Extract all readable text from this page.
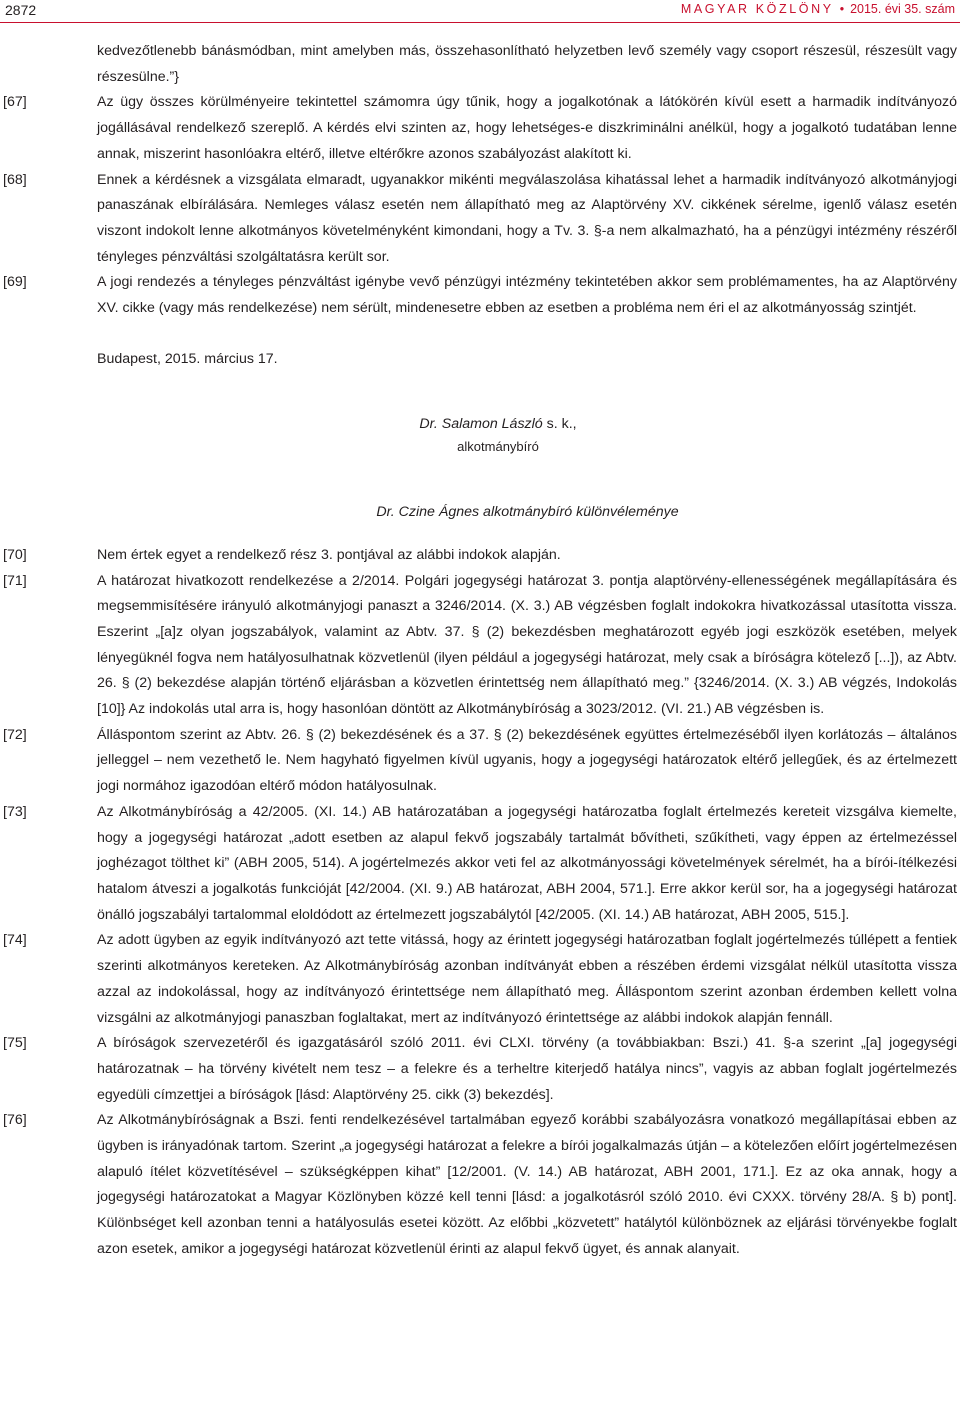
2872	MAGYAR KÖZLÖNY • 2015. évi 35. szám
kedvezőtlenebb bánásmódban, mint amelyben más, összehasonlítható helyzetben levő személy vagy csoport részesül, részesült vagy részesülne.”}
[67]	Az ügy összes körülményeire tekintettel számomra úgy tűnik, hogy a jogalkotónak a látókörén kívül esett a harmadik indítványozó jogállásával rendelkező szereplő. A kérdés elvi szinten az, hogy lehetséges-e diszkriminálni anélkül, hogy a jogalkotó tudatában lenne annak, miszerint hasonlóakra eltérő, illetve eltérőkre azonos szabályozást alakított ki.
[68]	Ennek a kérdésnek a vizsgálata elmaradt, ugyanakkor mikénti megválaszolása kihatással lehet a harmadik indítványozó alkotmányjogi panaszának elbírálására. Nemleges válasz esetén nem állapítható meg az Alaptörvény XV. cikkének sérelme, igenlő válasz esetén viszont indokolt lenne alkotmányos követelményként kimondani, hogy a Tv. 3. §-a nem alkalmazható, ha a pénzügyi intézmény részéről tényleges pénzváltási szolgáltatásra került sor.
[69]	A jogi rendezés a tényleges pénzváltást igénybe vevő pénzügyi intézmény tekintetében akkor sem problémamentes, ha az Alaptörvény XV. cikke (vagy más rendelkezése) nem sérült, mindenesetre ebben az esetben a probléma nem éri el az alkotmányosság szintjét.
Budapest, 2015. március 17.
Dr. Salamon László s. k.,
alkotmánybíró
Dr. Czine Ágnes alkotmánybíró különvéleménye
[70]	Nem értek egyet a rendelkező rész 3. pontjával az alábbi indokok alapján.
[71]	A határozat hivatkozott rendelkezése a 2/2014. Polgári jogegységi határozat 3. pontja alaptörvény-ellenességének megállapítására és megsemmisítésére irányuló alkotmányjogi panaszt a 3246/2014. (X. 3.) AB végzésben foglalt indokokra hivatkozással utasította vissza. Eszerint „[a]z olyan jogszabályok, valamint az Abtv. 37. § (2) bekezdésben meghatározott egyéb jogi eszközök esetében, melyek lényegüknél fogva nem hatályosulhatnak közvetlenül (ilyen például a jogegységi határozat, mely csak a bíróságra kötelező [...]), az Abtv. 26. § (2) bekezdése alapján történő eljárásban a közvetlen érintettség nem állapítható meg.” {3246/2014. (X. 3.) AB végzés, Indokolás [10]} Az indokolás utal arra is, hogy hasonlóan döntött az Alkotmánybíróság a 3023/2012. (VI. 21.) AB végzésben is.
[72]	Álláspontom szerint az Abtv. 26. § (2) bekezdésének és a 37. § (2) bekezdésének együttes értelmezéséből ilyen korlátozás – általános jelleggel – nem vezethető le. Nem hagyható figyelmen kívül ugyanis, hogy a jogegységi határozatok eltérő jellegűek, és az értelmezett jogi normához igazodóan eltérő módon hatályosulnak.
[73]	Az Alkotmánybíróság a 42/2005. (XI. 14.) AB határozatában a jogegységi határozatba foglalt értelmezés kereteit vizsgálva kiemelte, hogy a jogegységi határozat „adott esetben az alapul fekvő jogszabály tartalmát bővítheti, szűkítheti, vagy éppen az értelmezéssel joghézagot tölthet ki” (ABH 2005, 514). A jogértelmezés akkor veti fel az alkotmányossági követelmények sérelmét, ha a bírói-ítélkezési hatalom átveszi a jogalkotás funkcióját [42/2004. (XI. 9.) AB határozat, ABH 2004, 571.]. Erre akkor kerül sor, ha a jogegységi határozat önálló jogszabályi tartalommal eloldódott az értelmezett jogszabálytól [42/2005. (XI. 14.) AB határozat, ABH 2005, 515.].
[74]	Az adott ügyben az egyik indítványozó azt tette vitássá, hogy az érintett jogegységi határozatban foglalt jogértelmezés túllépett a fentiek szerinti alkotmányos kereteken. Az Alkotmánybíróság azonban indítványát ebben a részében érdemi vizsgálat nélkül utasította vissza azzal az indokolással, hogy az indítványozó érintettsége nem állapítható meg. Álláspontom szerint azonban érdemben kellett volna vizsgálni az alkotmányjogi panaszban foglaltakat, mert az indítványozó érintettsége az alábbi indokok alapján fennáll.
[75]	A bíróságok szervezetéről és igazgatásáról szóló 2011. évi CLXI. törvény (a továbbiakban: Bszi.) 41. §-a szerint „[a] jogegységi határozatnak – ha törvény kivételt nem tesz – a felekre és a terheltre kiterjedő hatálya nincs”, vagyis az abban foglalt jogértelmezés egyedüli címzettjei a bíróságok [lásd: Alaptörvény 25. cikk (3) bekezdés].
[76]	Az Alkotmánybíróságnak a Bszi. fenti rendelkezésével tartalmában egyező korábbi szabályozásra vonatkozó megállapításai ebben az ügyben is irányadónak tartom. Szerint „a jogegységi határozat a felekre a bírói jogalkalmazás útján – a kötelezően előírt jogértelmezésen alapuló ítélet közvetítésével – szükségképpen kihat” [12/2001. (V. 14.) AB határozat, ABH 2001, 171.]. Ez az oka annak, hogy a jogegységi határozatokat a Magyar Közlönyben közzé kell tenni [lásd: a jogalkotásról szóló 2010. évi CXXX. törvény 28/A. § b) pont]. Különbséget kell azonban tenni a hatályosulás esetei között. Az előbbi „közvetett” hatálytól különböznek az eljárási törvényekbe foglalt azon esetek, amikor a jogegységi határozat közvetlenül érinti az alapul fekvő ügyet, és annak alanyait.
